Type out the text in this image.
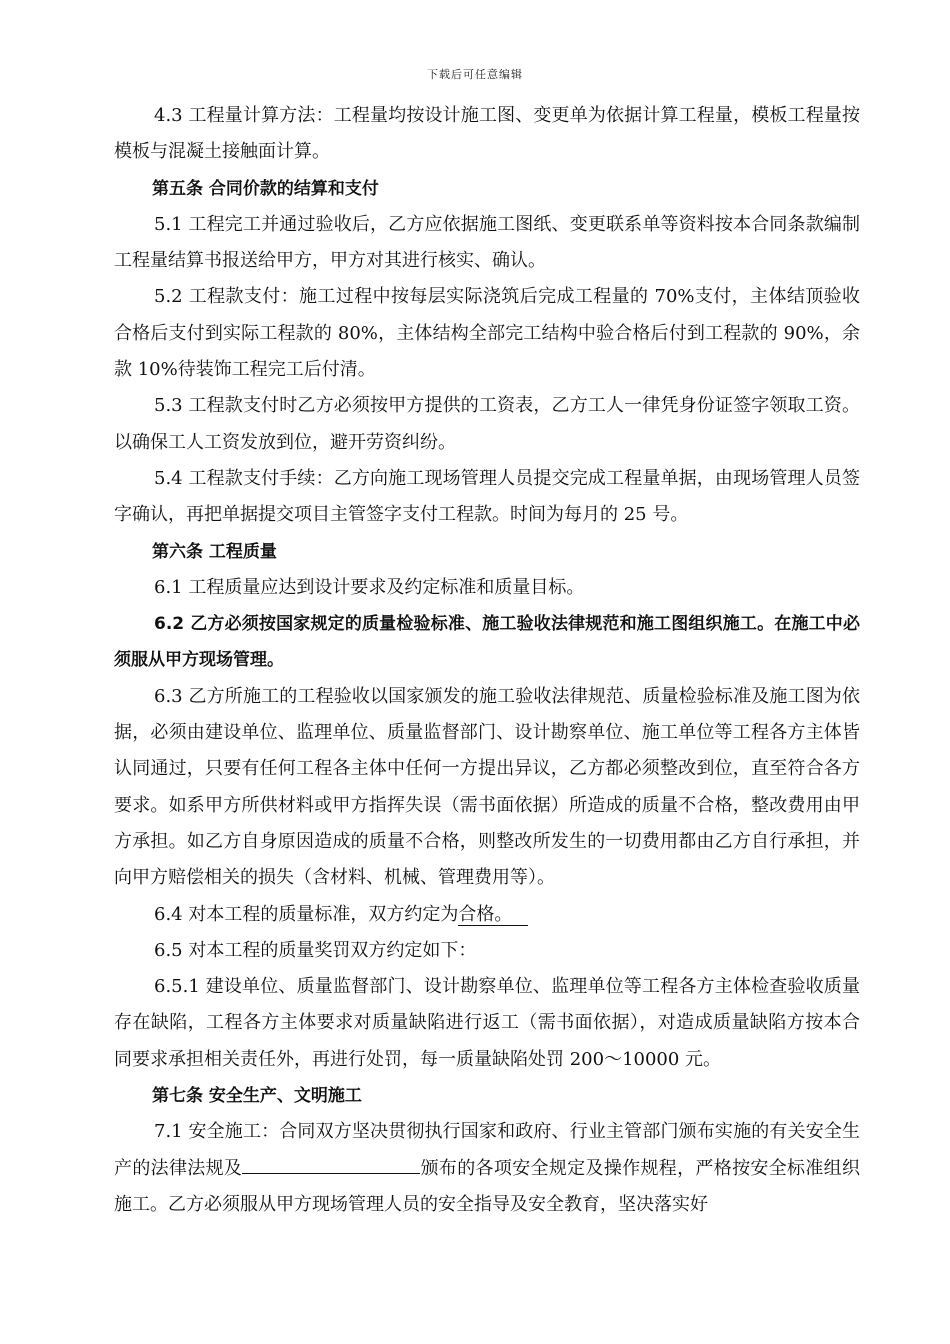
下载后可任意编辑

4.3 工程量计算方法：工程量均按设计施工图、变更单为依据计算工程量，模板工程量按模板与混凝土接触面计算。

第五条 合同价款的结算和支付

5.1 工程完工并通过验收后，乙方应依据施工图纸、变更联系单等资料按本合同条款编制工程量结算书报送给甲方，甲方对其进行核实、确认。

5.2 工程款支付：施工过程中按每层实际浇筑后完成工程量的 70%支付，主体结顶验收合格后支付到实际工程款的 80%，主体结构全部完工结构中验合格后付到工程款的 90%，余款 10%待装饰工程完工后付清。

5.3 工程款支付时乙方必须按甲方提供的工资表，乙方工人一律凭身份证签字领取工资。以确保工人工资发放到位，避开劳资纠纷。

5.4 工程款支付手续：乙方向施工现场管理人员提交完成工程量单据，由现场管理人员签字确认，再把单据提交项目主管签字支付工程款。时间为每月的 25 号。

第六条 工程质量

6.1 工程质量应达到设计要求及约定标准和质量目标。

6.2 乙方必须按国家规定的质量检验标准、施工验收法律规范和施工图组织施工。在施工中必须服从甲方现场管理。

6.3 乙方所施工的工程验收以国家颁发的施工验收法律规范、质量检验标准及施工图为依据，必须由建设单位、监理单位、质量监督部门、设计勘察单位、施工单位等工程各方主体皆认同通过，只要有任何工程各主体中任何一方提出异议，乙方都必须整改到位，直至符合各方要求。如系甲方所供材料或甲方指挥失误（需书面依据）所造成的质量不合格，整改费用由甲方承担。如乙方自身原因造成的质量不合格，则整改所发生的一切费用都由乙方自行承担，并向甲方赔偿相关的损失（含材料、机械、管理费用等）。

6.4 对本工程的质量标准，双方约定为合格。

6.5 对本工程的质量奖罚双方约定如下：

6.5.1 建设单位、质量监督部门、设计勘察单位、监理单位等工程各方主体检查验收质量存在缺陷，工程各方主体要求对质量缺陷进行返工（需书面依据），对造成质量缺陷方按本合同要求承担相关责任外，再进行处罚，每一质量缺陷处罚 200～10000 元。

第七条 安全生产、文明施工

7.1 安全施工：合同双方坚决贯彻执行国家和政府、行业主管部门颁布实施的有关安全生产的法律法规及	颁布的各项安全规定及操作规程，严格按安全标准组织施工。乙方必须服从甲方现场管理人员的安全指导及安全教育，坚决落实好
